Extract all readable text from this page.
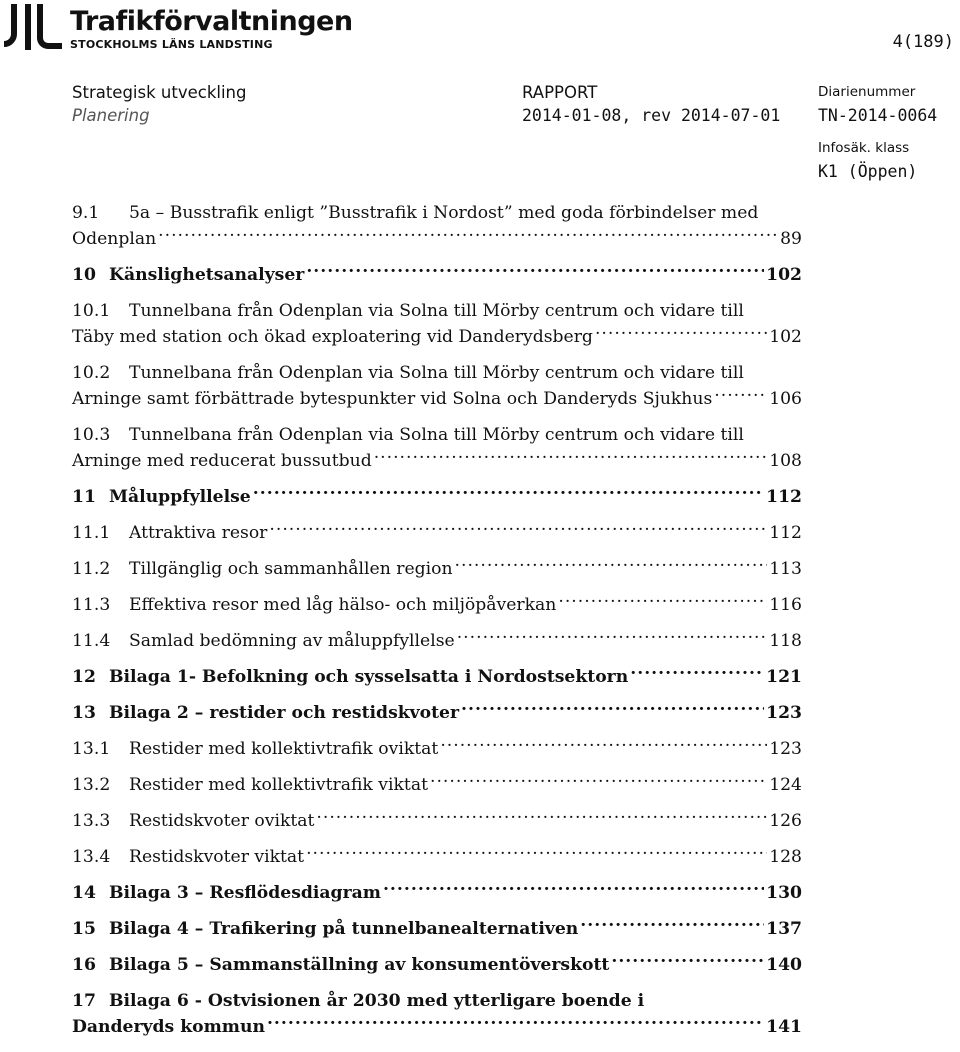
Trafikförvaltningen
STOCKHOLMS LÄNS LANDSTING	4(189)
Strategisk utveckling
Planering
RAPPORT
2014-01-08, rev 2014-07-01
Diarienummer
TN-2014-0064
Infosäk. klass
K1 (Öppen)
9.1	5a – Busstrafik enligt ”Busstrafik i Nordost” med goda förbindelser med
Odenplan .....	89
10 Känslighetsanalyser .....	102
10.1	Tunnelbana från Odenplan via Solna till Mörby centrum och vidare till
Täby med station och ökad exploatering vid Danderydsberg .....	102
10.2	Tunnelbana från Odenplan via Solna till Mörby centrum och vidare till
Arninge samt förbättrade bytespunkter vid Solna och Danderyds Sjukhus .....	106
10.3	Tunnelbana från Odenplan via Solna till Mörby centrum och vidare till
Arninge med reducerat bussutbud .....	108
11 Måluppfyllelse .....	112
11.1	Attraktiva resor .....	112
11.2	Tillgänglig och sammanhållen region .....	113
11.3	Effektiva resor med låg hälso- och miljöpåverkan .....	116
11.4	Samlad bedömning av måluppfyllelse .....	118
12 Bilaga 1- Befolkning och sysselsatta i Nordostsektorn .....	121
13 Bilaga 2 – restider och restidskvoter .....	123
13.1	Restider med kollektivtrafik oviktat .....	123
13.2	Restider med kollektivtrafik viktat .....	124
13.3	Restidskvoter oviktat .....	126
13.4	Restidskvoter viktat .....	128
14 Bilaga 3 – Resflödesdiagram .....	130
15 Bilaga 4 – Trafikering på tunnelbanealternativen .....	137
16 Bilaga 5 – Sammanställning av konsumentöverskott .....	140
17 Bilaga 6 - Ostvisionen år 2030 med ytterligare boende i
Danderyds kommun .....	141
